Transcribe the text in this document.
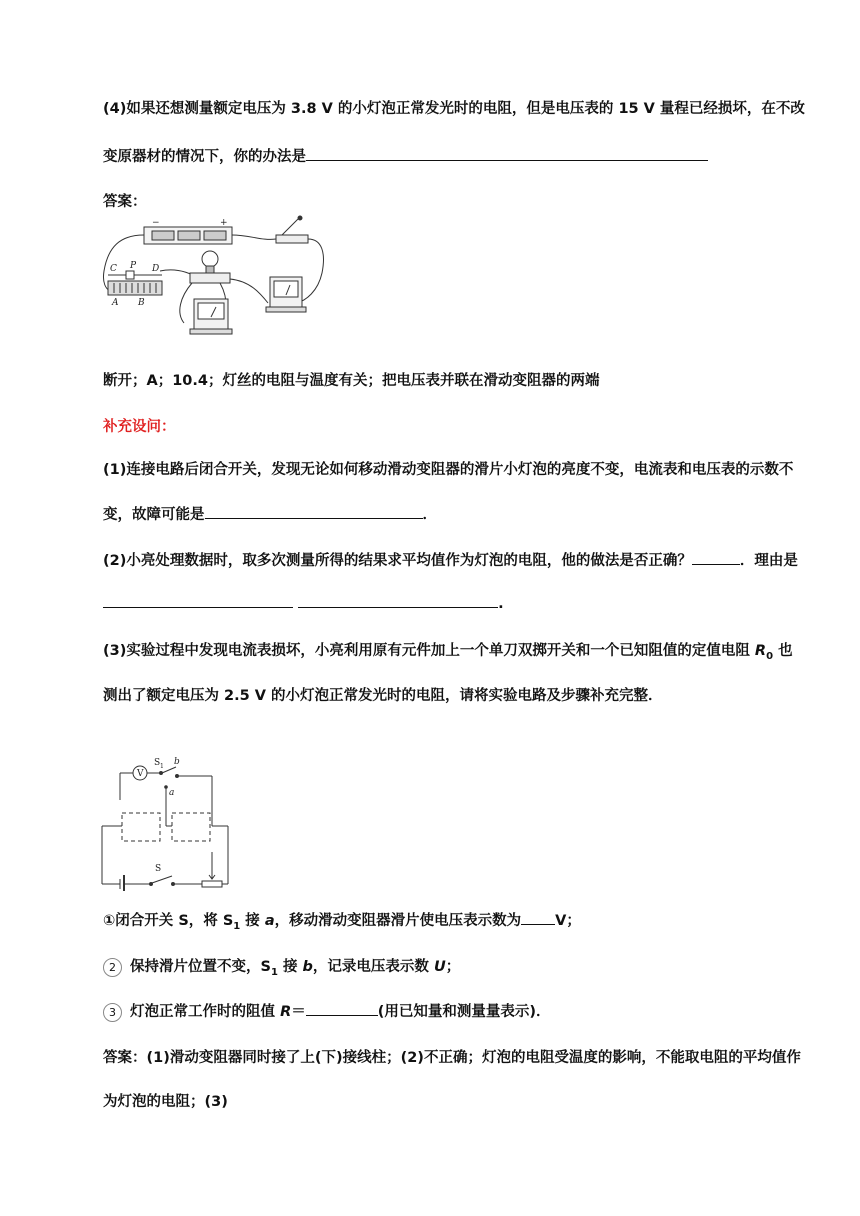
(4)如果还想测量额定电压为 3.8 V 的小灯泡正常发光时的电阻，但是电压表的 15 V 量程已经损坏，在不改
变原器材的情况下，你的办法是
答案：
−	+
C P D
A B
断开；A；10.4；灯丝的电阻与温度有关；把电压表并联在滑动变阻器的两端
补充设问：
(1)连接电路后闭合开关，发现无论如何移动滑动变阻器的滑片小灯泡的亮度不变，电流表和电压表的示数不
变，故障可能是	．
(2)小亮处理数据时，取多次测量所得的结果求平均值作为灯泡的电阻，他的做法是否正确？	．理由是
.
(3)实验过程中发现电流表损坏，小亮利用原有元件加上一个单刀双掷开关和一个已知阻值的定值电阻 $R_0$ 也
测出了额定电压为 2.5 V 的小灯泡正常发光时的电阻，请将实验电路及步骤补充完整．
V
S 1 b
a
S
①闭合开关 S，将 $S_1$ 接 a，移动滑动变阻器滑片使电压表示数为 V；
2 保持滑片位置不变，$S_1$ 接 b，记录电压表示数 U；
3 灯泡正常工作时的阻值 R＝	(用已知量和测量量表示)．
答案：(1)滑动变阻器同时接了上(下)接线柱；(2)不正确；灯泡的电阻受温度的影响，不能取电阻的平均值作
为灯泡的电阻；(3)
